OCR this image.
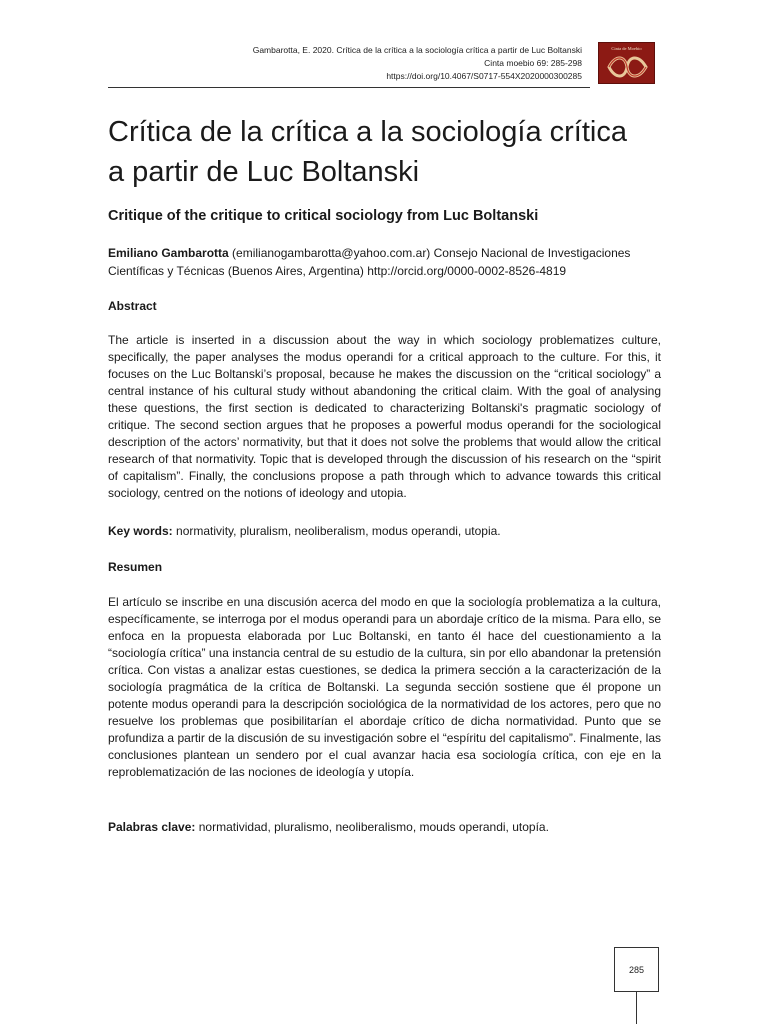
Gambarotta, E. 2020. Crítica de la crítica a la sociología crítica a partir de Luc Boltanski
Cinta moebio 69: 285-298
https://doi.org/10.4067/S0717-554X2020000300285
Cinta de Moebio
Crítica de la crítica a la sociología crítica
a partir de Luc Boltanski
Critique of the critique to critical sociology from Luc Boltanski
Emiliano Gambarotta (emilianogambarotta@yahoo.com.ar) Consejo Nacional de Investigaciones Científicas y Técnicas (Buenos Aires, Argentina) http://orcid.org/0000-0002-8526-4819
Abstract
The article is inserted in a discussion about the way in which sociology problematizes culture, specifically, the paper analyses the modus operandi for a critical approach to the culture. For this, it focuses on the Luc Boltanski’s proposal, because he makes the discussion on the “critical sociology” a central instance of his cultural study without abandoning the critical claim. With the goal of analysing these questions, the first section is dedicated to characterizing Boltanski's pragmatic sociology of critique. The second section argues that he proposes a powerful modus operandi for the sociological description of the actors’ normativity, but that it does not solve the problems that would allow the critical research of that normativity. Topic that is developed through the discussion of his research on the “spirit of capitalism”. Finally, the conclusions propose a path through which to advance towards this critical sociology, centred on the notions of ideology and utopia.
Key words: normativity, pluralism, neoliberalism, modus operandi, utopia.
Resumen
El artículo se inscribe en una discusión acerca del modo en que la sociología problematiza a la cultura, específicamente, se interroga por el modus operandi para un abordaje crítico de la misma. Para ello, se enfoca en la propuesta elaborada por Luc Boltanski, en tanto él hace del cuestionamiento a la “sociología crítica” una instancia central de su estudio de la cultura, sin por ello abandonar la pretensión crítica. Con vistas a analizar estas cuestiones, se dedica la primera sección a la caracterización de la sociología pragmática de la crítica de Boltanski. La segunda sección sostiene que él propone un potente modus operandi para la descripción sociológica de la normatividad de los actores, pero que no resuelve los problemas que posibilitarían el abordaje crítico de dicha normatividad. Punto que se profundiza a partir de la discusión de su investigación sobre el “espíritu del capitalismo”. Finalmente, las conclusiones plantean un sendero por el cual avanzar hacia esa sociología crítica, con eje en la reproblematización de las nociones de ideología y utopía.
Palabras clave: normatividad, pluralismo, neoliberalismo, mouds operandi, utopía.
285
